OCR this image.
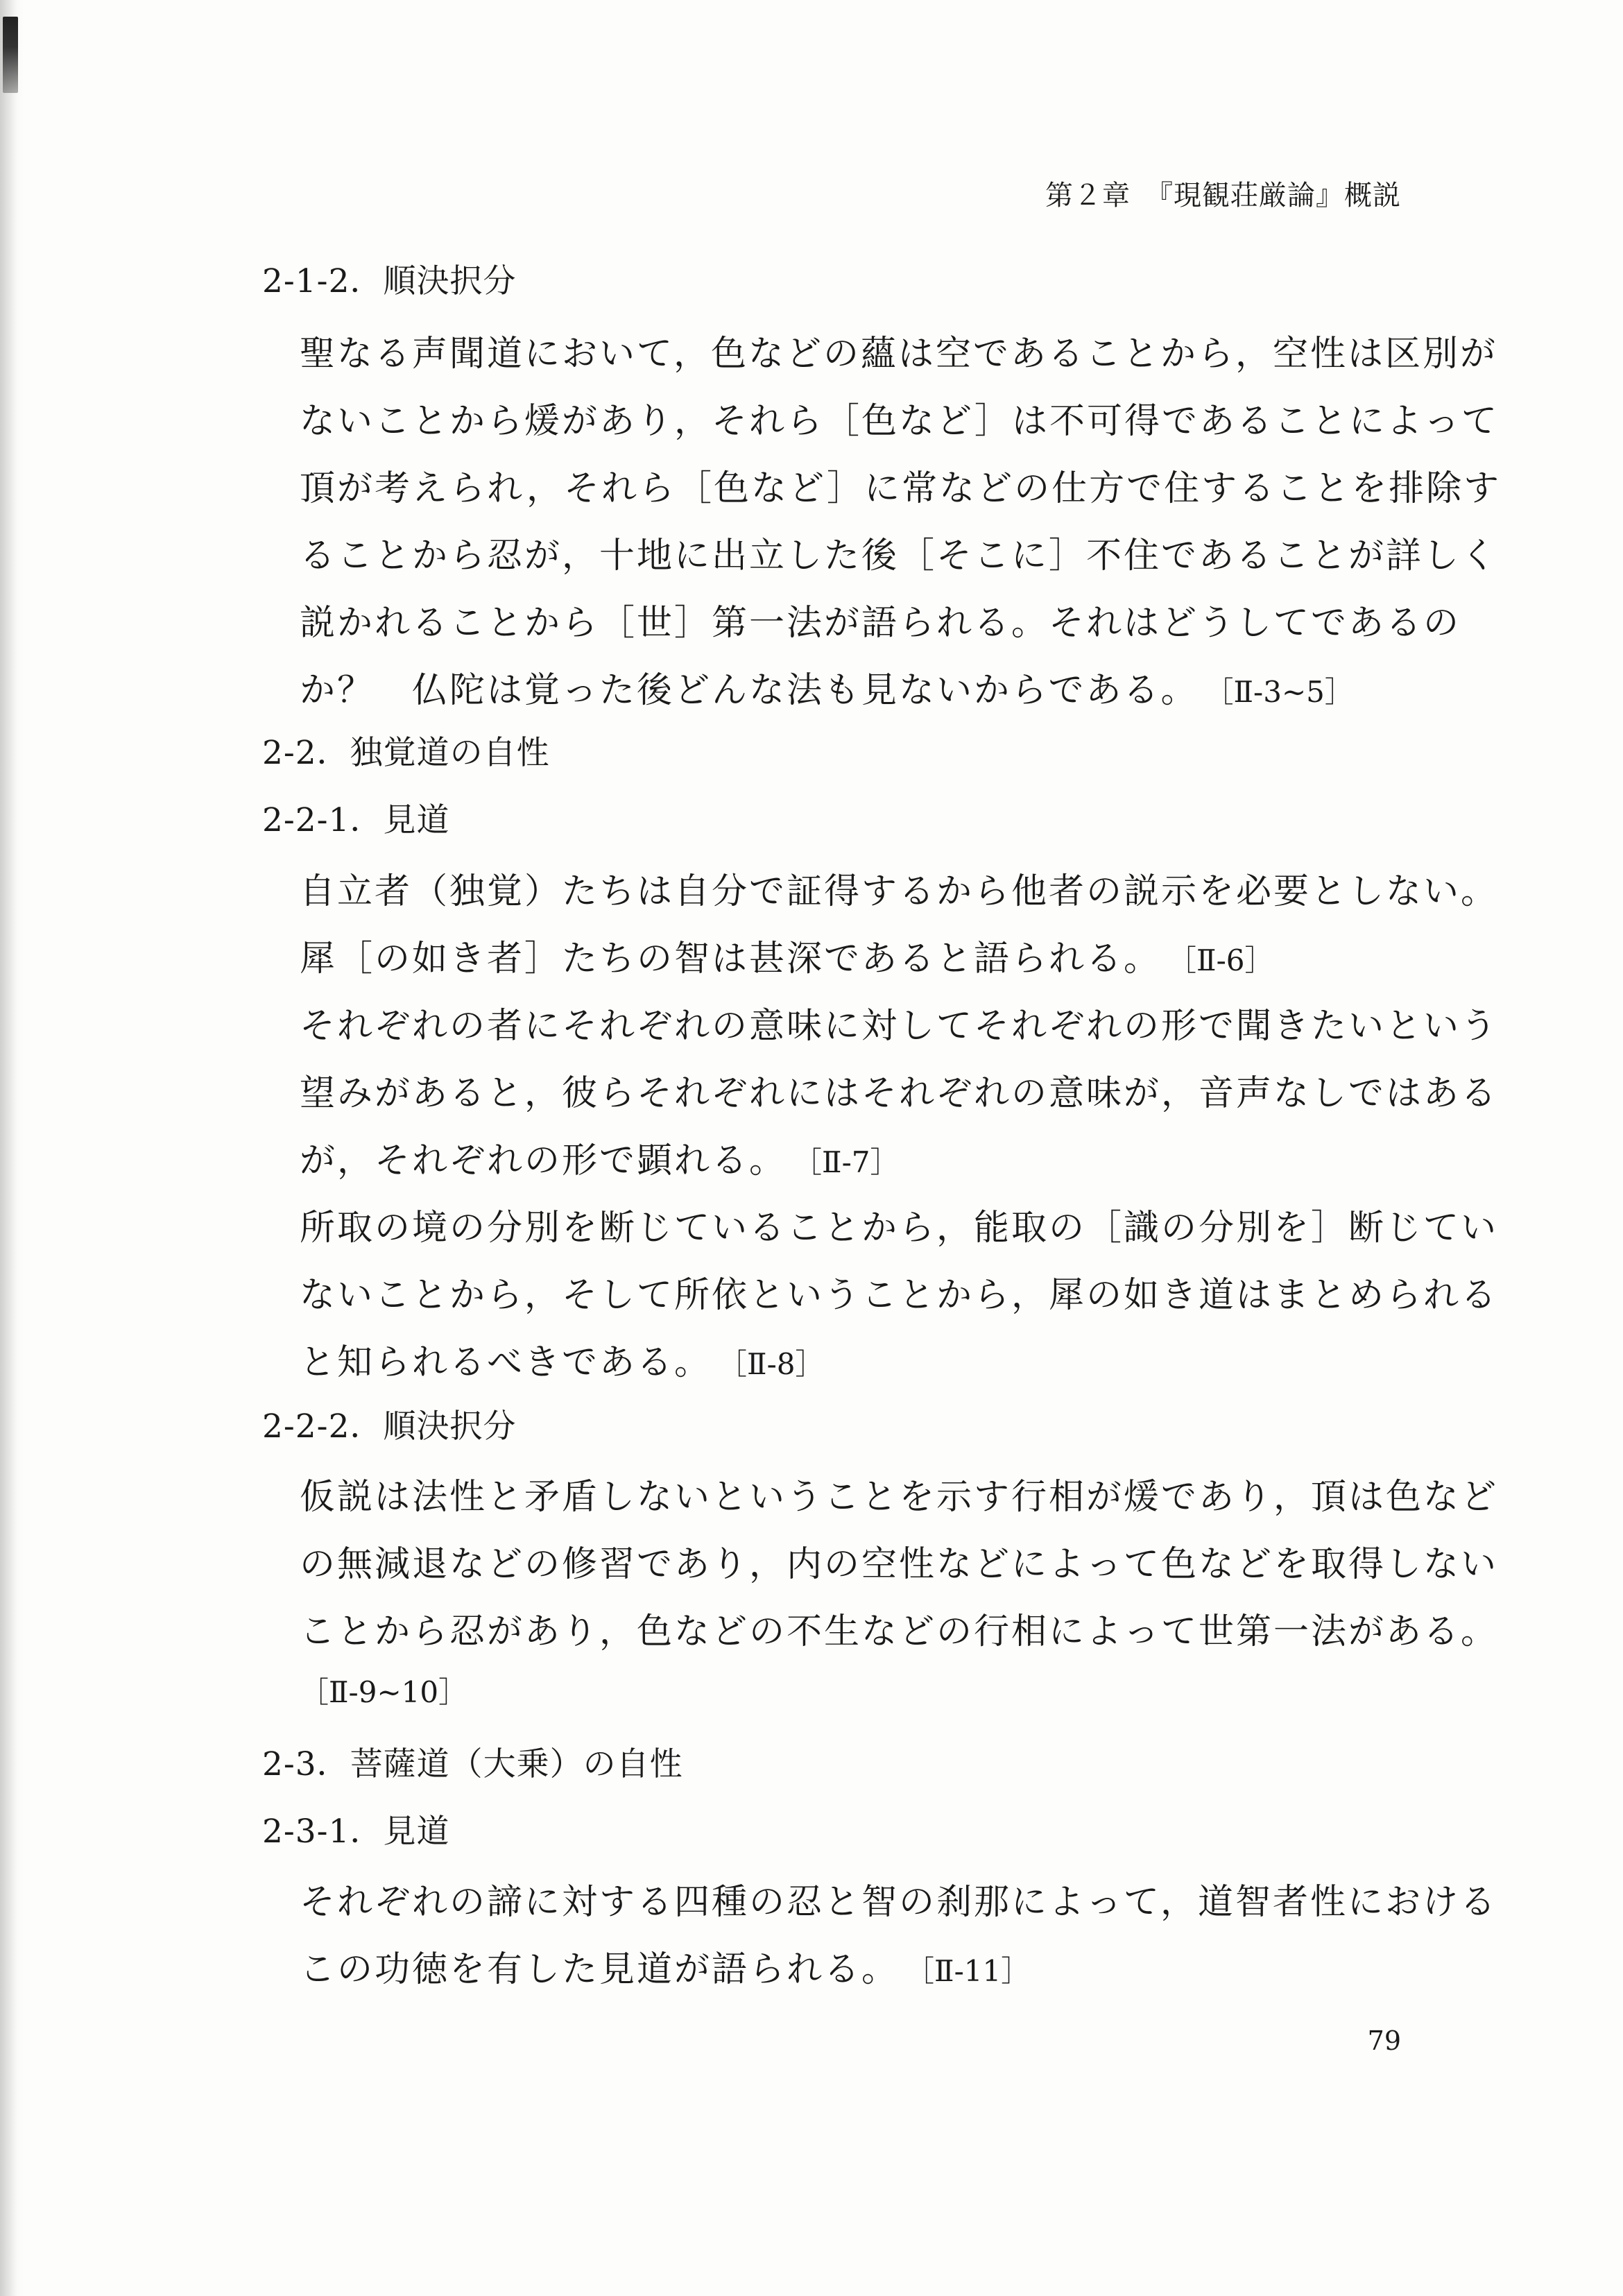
第２章　『現観荘厳論』概説
2-1-2．順決択分
聖なる声聞道において，色などの蘊は空であることから，空性は区別が
ないことから煖があり，それら［色など］は不可得であることによって
頂が考えられ，それら［色など］に常などの仕方で住することを排除す
ることから忍が，十地に出立した後［そこに］不住であることが詳しく
説かれることから［世］第一法が語られる。それはどうしてであるの
か？　仏陀は覚った後どんな法も見ないからである。 ［Ⅱ-3~5］
2-2．独覚道の自性
2-2-1．見道
自立者（独覚）たちは自分で証得するから他者の説示を必要としない。
犀［の如き者］たちの智は甚深であると語られる。 ［Ⅱ-6］
それぞれの者にそれぞれの意味に対してそれぞれの形で聞きたいという
望みがあると，彼らそれぞれにはそれぞれの意味が，音声なしではある
が，それぞれの形で顕れる。 ［Ⅱ-7］
所取の境の分別を断じていることから，能取の［識の分別を］断じてい
ないことから，そして所依ということから，犀の如き道はまとめられる
と知られるべきである。 ［Ⅱ-8］
2-2-2．順決択分
仮説は法性と矛盾しないということを示す行相が煖であり，頂は色など
の無減退などの修習であり，内の空性などによって色などを取得しない
ことから忍があり，色などの不生などの行相によって世第一法がある。
［Ⅱ-9~10］
2-3．菩薩道（大乗）の自性
2-3-1．見道
それぞれの諦に対する四種の忍と智の刹那によって，道智者性における
この功徳を有した見道が語られる。 ［Ⅱ-11］
79
